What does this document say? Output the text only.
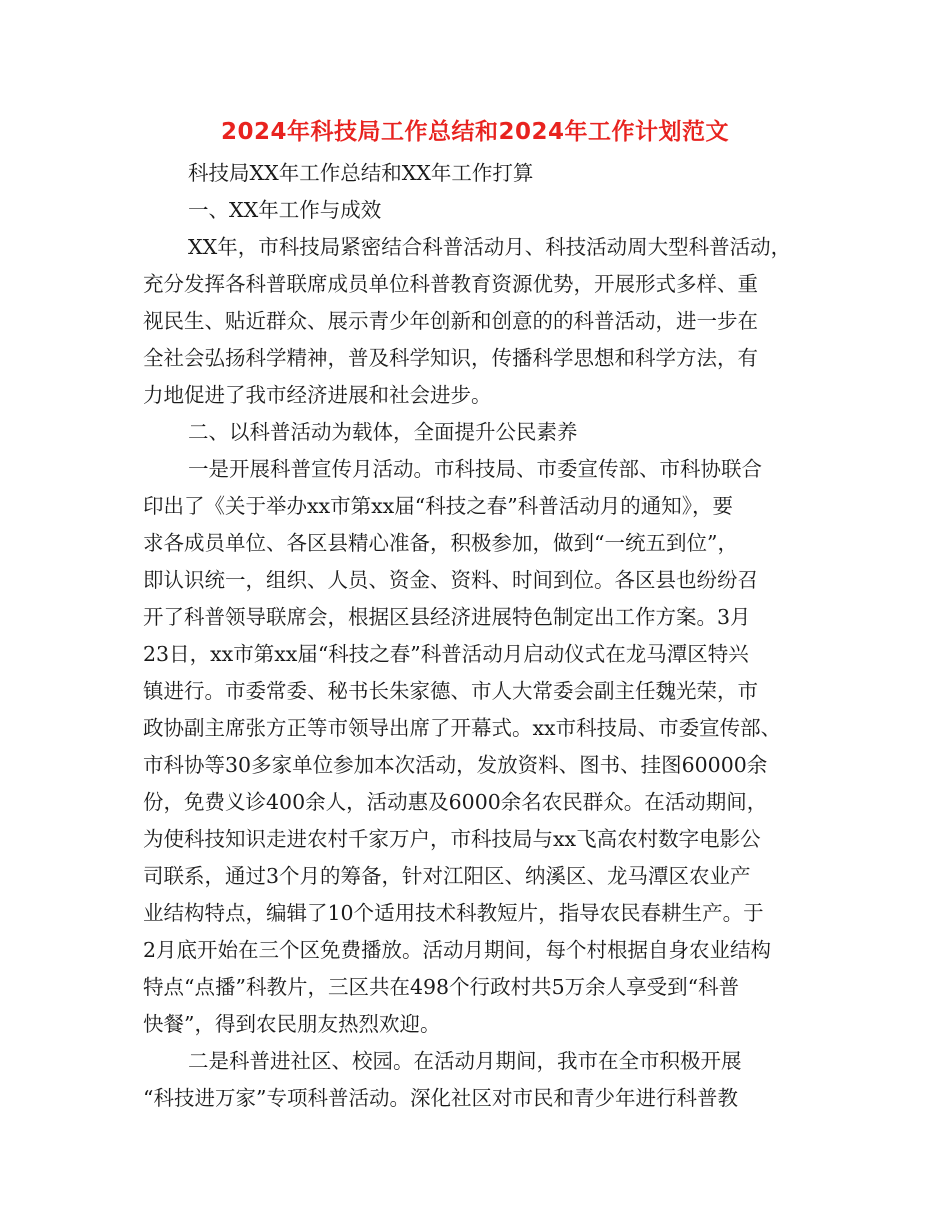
2024年科技局工作总结和2024年工作计划范文
科技局XX年工作总结和XX年工作打算
一、XX年工作与成效
XX年，市科技局紧密结合科普活动月、科技活动周大型科普活动，
充分发挥各科普联席成员单位科普教育资源优势，开展形式多样、重
视民生、贴近群众、展示青少年创新和创意的的科普活动，进一步在
全社会弘扬科学精神，普及科学知识，传播科学思想和科学方法，有
力地促进了我市经济进展和社会进步。
二、以科普活动为载体，全面提升公民素养
一是开展科普宣传月活动。市科技局、市委宣传部、市科协联合
印出了《关于举办xx市第xx届“科技之春”科普活动月的通知》，要
求各成员单位、各区县精心准备，积极参加，做到“一统五到位”，
即认识统一，组织、人员、资金、资料、时间到位。各区县也纷纷召
开了科普领导联席会，根据区县经济进展特色制定出工作方案。3月
23日，xx市第xx届“科技之春”科普活动月启动仪式在龙马潭区特兴
镇进行。市委常委、秘书长朱家德、市人大常委会副主任魏光荣，市
政协副主席张方正等市领导出席了开幕式。xx市科技局、市委宣传部、
市科协等30多家单位参加本次活动，发放资料、图书、挂图60000余
份，免费义诊400余人，活动惠及6000余名农民群众。在活动期间，
为使科技知识走进农村千家万户，市科技局与xx飞高农村数字电影公
司联系，通过3个月的筹备，针对江阳区、纳溪区、龙马潭区农业产
业结构特点，编辑了10个适用技术科教短片，指导农民春耕生产。于
2月底开始在三个区免费播放。活动月期间，每个村根据自身农业结构
特点“点播”科教片，三区共在498个行政村共5万余人享受到“科普
快餐”，得到农民朋友热烈欢迎。
二是科普进社区、校园。在活动月期间，我市在全市积极开展
“科技进万家”专项科普活动。深化社区对市民和青少年进行科普教
